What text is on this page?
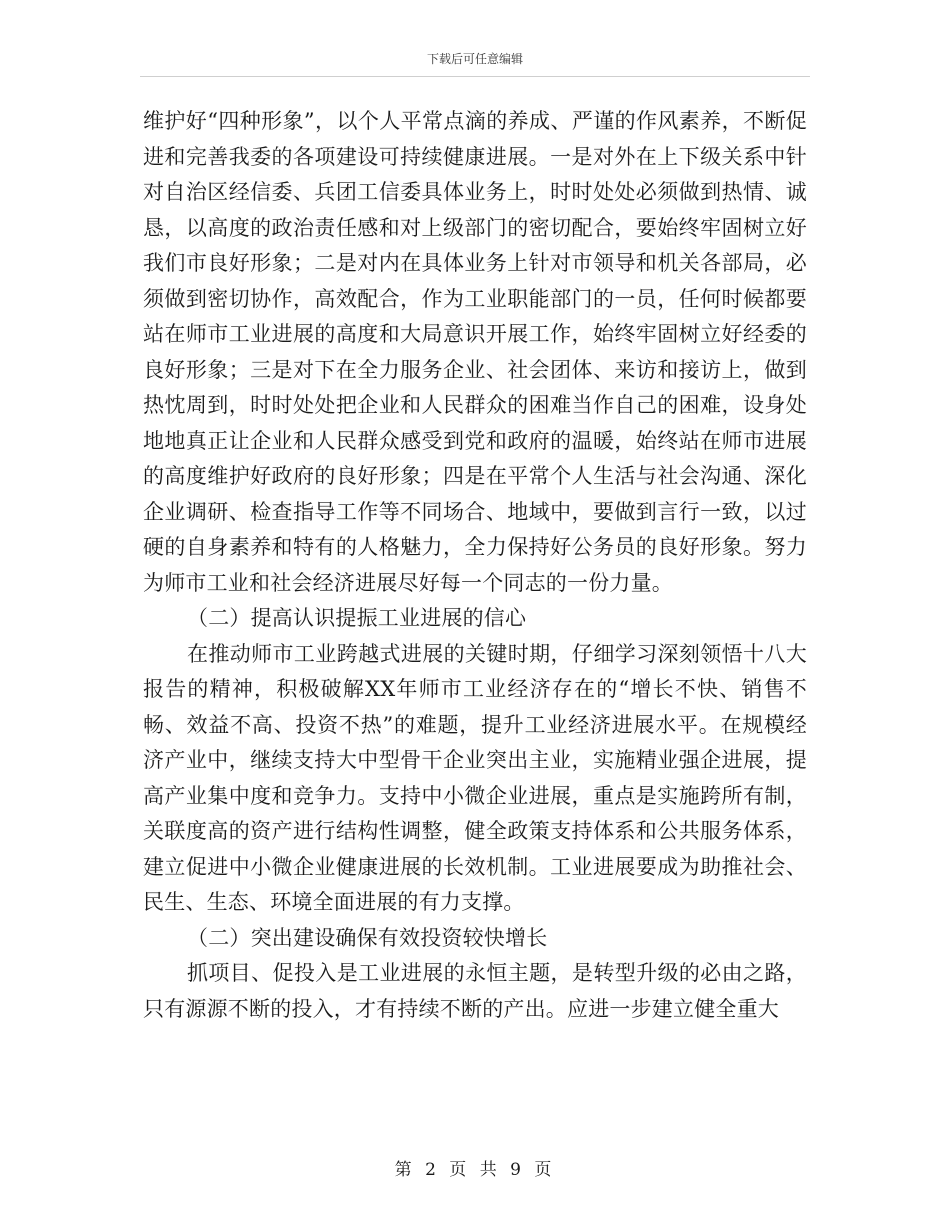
下载后可任意编辑

维护好“四种形象”，以个人平常点滴的养成、严谨的作风素养，不断促进和完善我委的各项建设可持续健康进展。一是对外在上下级关系中针对自治区经信委、兵团工信委具体业务上，时时处处必须做到热情、诚恳，以高度的政治责任感和对上级部门的密切配合，要始终牢固树立好我们市良好形象；二是对内在具体业务上针对市领导和机关各部局，必须做到密切协作，高效配合，作为工业职能部门的一员，任何时候都要站在师市工业进展的高度和大局意识开展工作，始终牢固树立好经委的良好形象；三是对下在全力服务企业、社会团体、来访和接访上，做到热忱周到，时时处处把企业和人民群众的困难当作自己的困难，设身处地地真正让企业和人民群众感受到党和政府的温暖，始终站在师市进展的高度维护好政府的良好形象；四是在平常个人生活与社会沟通、深化企业调研、检查指导工作等不同场合、地域中，要做到言行一致，以过硬的自身素养和特有的人格魅力，全力保持好公务员的良好形象。努力为师市工业和社会经济进展尽好每一个同志的一份力量。

（二）提高认识提振工业进展的信心

在推动师市工业跨越式进展的关键时期，仔细学习深刻领悟十八大报告的精神，积极破解XX年师市工业经济存在的“增长不快、销售不畅、效益不高、投资不热”的难题，提升工业经济进展水平。在规模经济产业中，继续支持大中型骨干企业突出主业，实施精业强企进展，提高产业集中度和竞争力。支持中小微企业进展，重点是实施跨所有制，关联度高的资产进行结构性调整，健全政策支持体系和公共服务体系，建立促进中小微企业健康进展的长效机制。工业进展要成为助推社会、民生、生态、环境全面进展的有力支撑。

（二）突出建设确保有效投资较快增长

抓项目、促投入是工业进展的永恒主题，是转型升级的必由之路，只有源源不断的投入，才有持续不断的产出。应进一步建立健全重大

第 2 页 共 9 页
